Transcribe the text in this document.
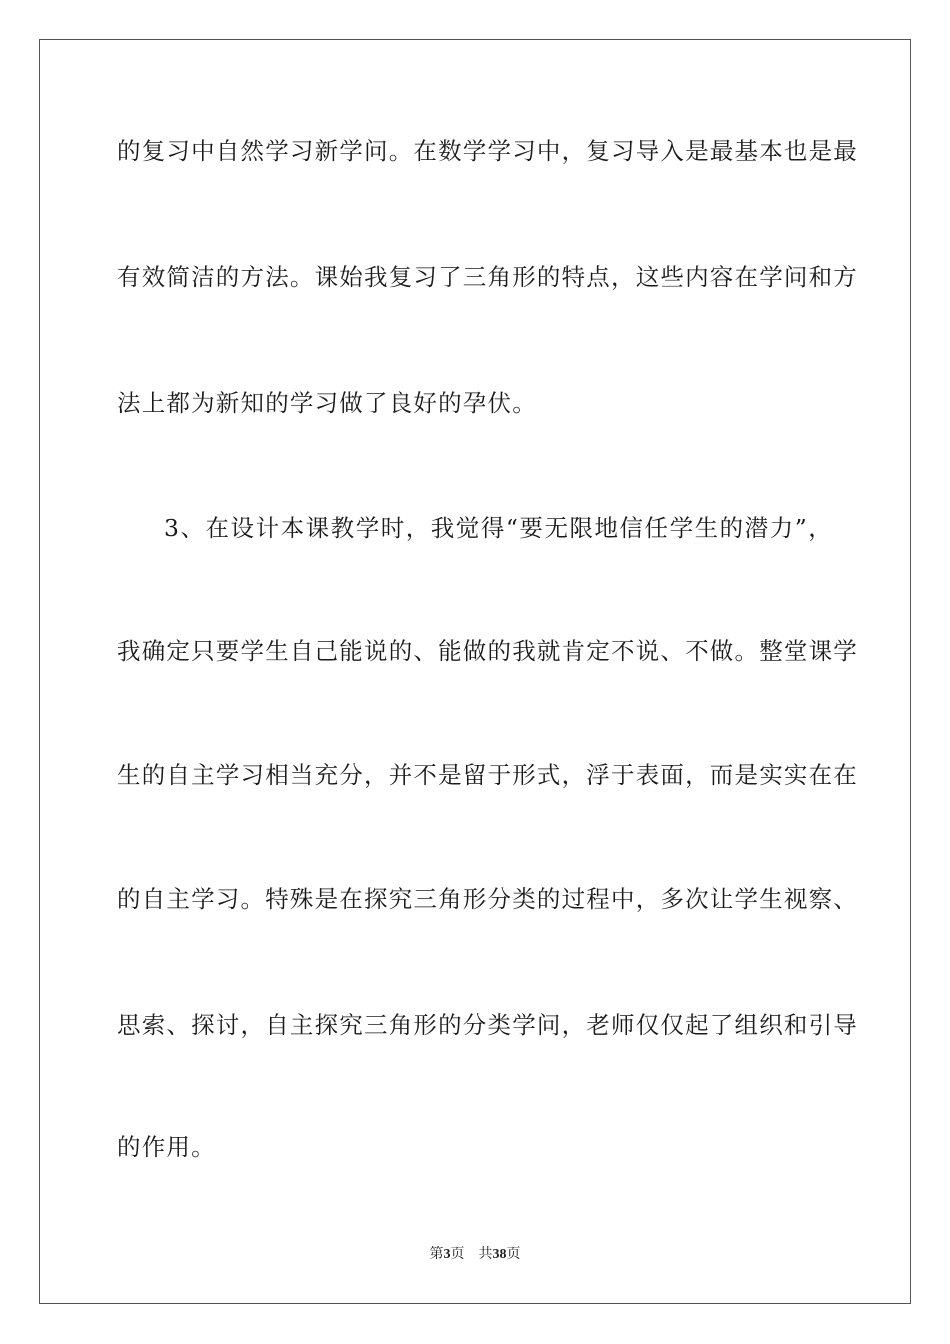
的复习中自然学习新学问。在数学学习中，复习导入是最基本也是最
有效简洁的方法。课始我复习了三角形的特点，这些内容在学问和方
法上都为新知的学习做了良好的孕伏。
3、在设计本课教学时，我觉得“要无限地信任学生的潜力”，
我确定只要学生自己能说的、能做的我就肯定不说、不做。整堂课学
生的自主学习相当充分，并不是留于形式，浮于表面，而是实实在在
的自主学习。特殊是在探究三角形分类的过程中，多次让学生视察、
思索、探讨，自主探究三角形的分类学问，老师仅仅起了组织和引导
的作用。
第3页 共38页
